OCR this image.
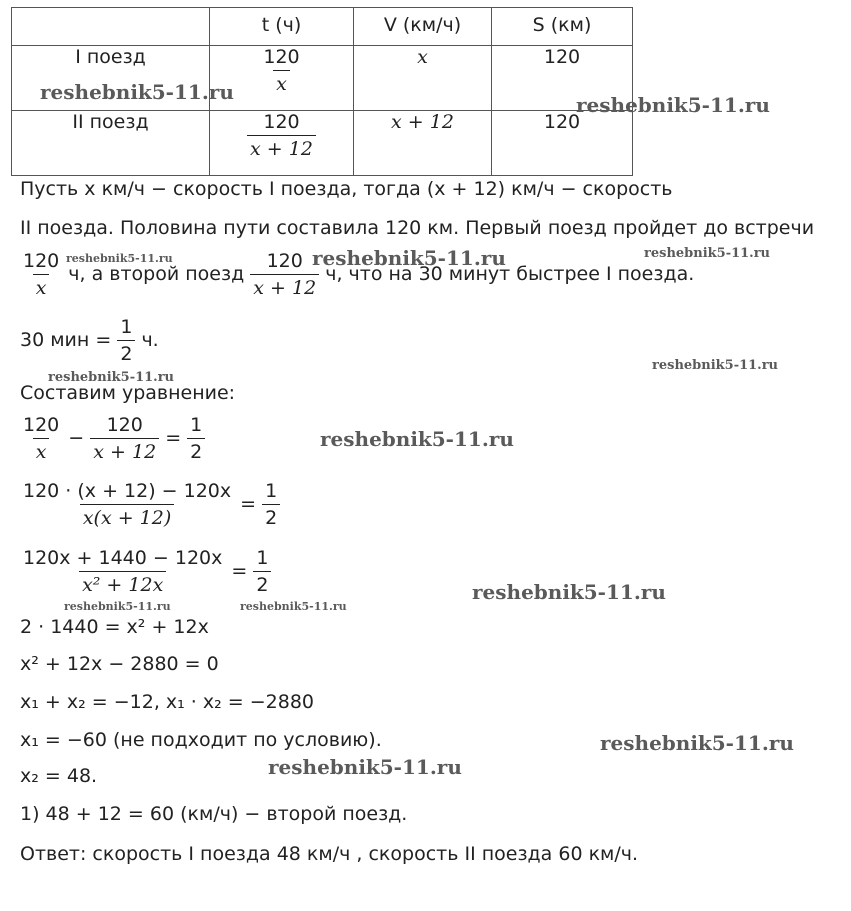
	t (ч)	V (км/ч)	S (км)
I поезд	$\frac{120}{x}$	x	120
II поезд	$\frac{120}{x + 12}$	x + 12	120
Пусть x км/ч − скорость I поезда, тогда (x + 12) км/ч − скорость
II поезда. Половина пути составила 120 км. Первый поезд пройдет до встречи
$\frac{120}{x} ч$, а второй поезд $\frac{120}{x + 12} ч$, что на 30 минут быстрее I поезда.
30 мин = $\frac{1}{2} ч$.
Составим уравнение:
$\frac{120}{x} - \frac{120}{x + 12} = \frac{1}{2}$
$\frac{120 \cdot (x + 12) - 120x}{x(x + 12)} = \frac{1}{2}$
$\frac{120x + 1440 - 120x}{\text{x² + 12x}} = \frac{1}{2}$
2 · 1440 = x² + 12x
x² + 12x − 2880 = 0
x₁ + x₂ = −12, x₁ · x₂ = −2880
x₁ = −60 (не подходит по условию).
x₂ = 48.
1) 48 + 12 = 60 (км/ч) − второй поезд.
Ответ: скорость I поезда 48 км/ч , скорость II поезда 60 км/ч.
reshebnik5-11.ru
reshebnik5-11.ru
reshebnik5-11.ru
reshebnik5-11.ru	reshebnik5-11.ru
reshebnik5-11.ru
reshebnik5-11.ru
reshebnik5-11.ru
reshebnik5-11.ru
reshebnik5-11.ru	reshebnik5-11.ru
reshebnik5-11.ru
reshebnik5-11.ru
